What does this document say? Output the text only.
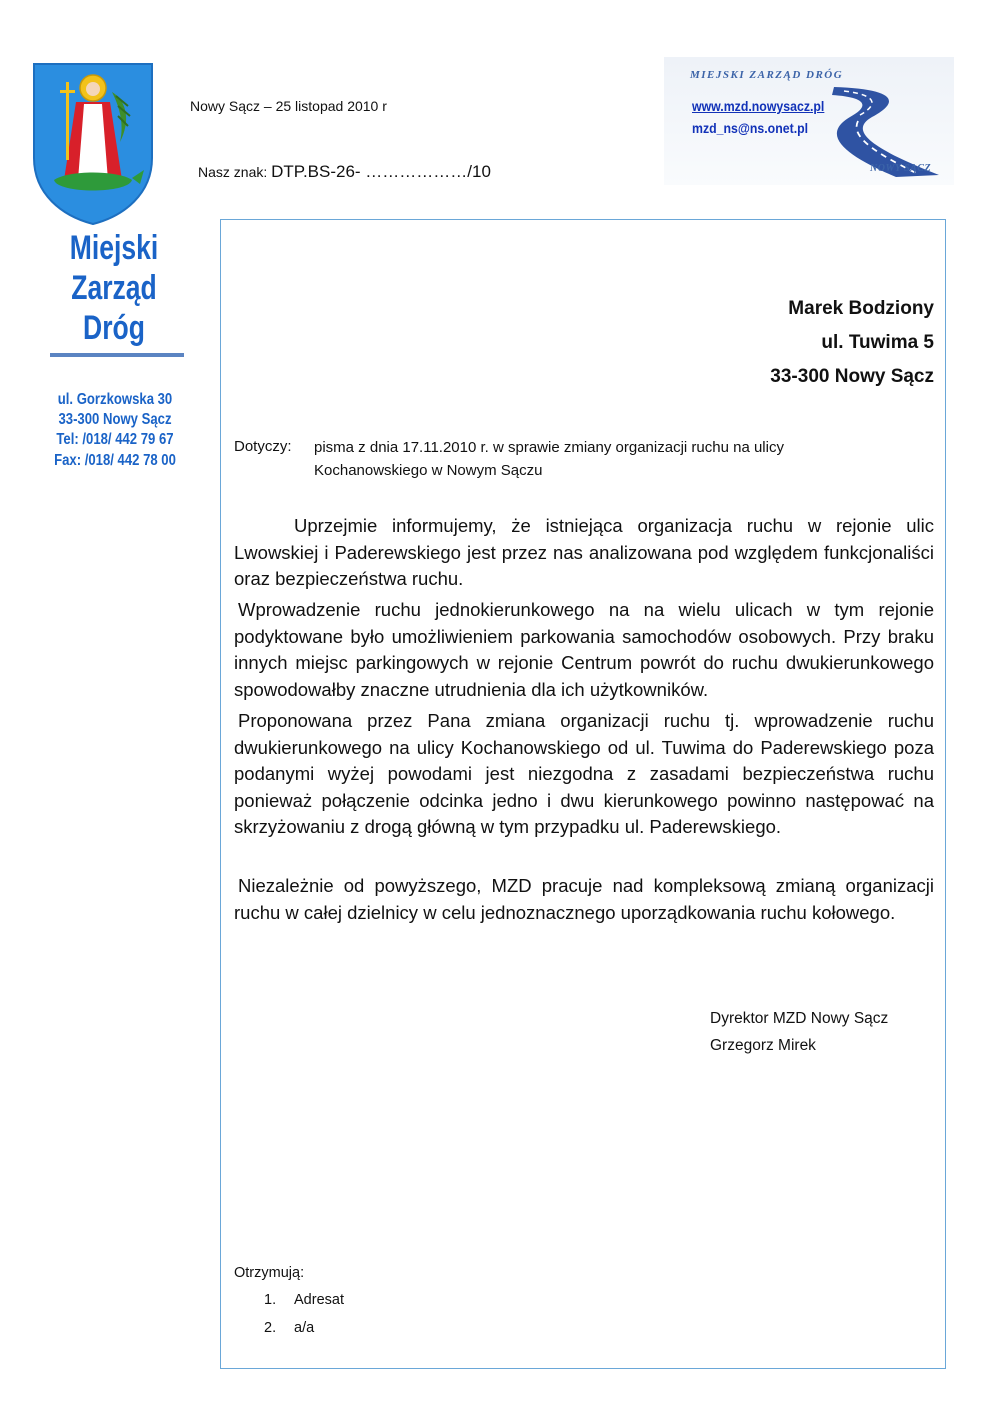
Miejski
Zarząd
Dróg
ul. Gorzkowska 30
33-300 Nowy Sącz
Tel: /018/ 442 79 67
Fax: /018/ 442 78 00
Nowy Sącz – 25 listopad 2010 r
Nasz znak: DTP.BS-26- ………………/10
MIEJSKI ZARZĄD DRÓG
www.mzd.nowysacz.pl
mzd_ns@ns.onet.pl
NOWY SĄCZ
Marek Bodziony
ul. Tuwima 5
33-300 Nowy Sącz
Dotyczy: pisma z dnia 17.11.2010 r. w sprawie zmiany organizacji ruchu na ulicy Kochanowskiego w Nowym Sączu
Uprzejmie informujemy, że istniejąca organizacja ruchu w rejonie ulic Lwowskiej i Paderewskiego jest przez nas analizowana pod względem funkcjonaliści oraz bezpieczeństwa ruchu.
Wprowadzenie ruchu jednokierunkowego na na wielu ulicach w tym rejonie podyktowane było umożliwieniem parkowania samochodów osobowych. Przy braku innych miejsc parkingowych w rejonie Centrum powrót do ruchu dwukierunkowego spowodowałby znaczne utrudnienia dla ich użytkowników.
Proponowana przez Pana zmiana organizacji ruchu tj. wprowadzenie ruchu dwukierunkowego na ulicy Kochanowskiego od ul. Tuwima do Paderewskiego poza podanymi wyżej powodami jest niezgodna z zasadami bezpieczeństwa ruchu ponieważ połączenie odcinka jedno i dwu kierunkowego powinno następować na skrzyżowaniu z drogą główną w tym przypadku ul. Paderewskiego.
Niezależnie od powyższego, MZD pracuje nad kompleksową zmianą organizacji ruchu w całej dzielnicy w celu jednoznacznego uporządkowania ruchu kołowego.
Dyrektor MZD Nowy Sącz
Grzegorz Mirek
Otrzymują:
1. Adresat
2. a/a
